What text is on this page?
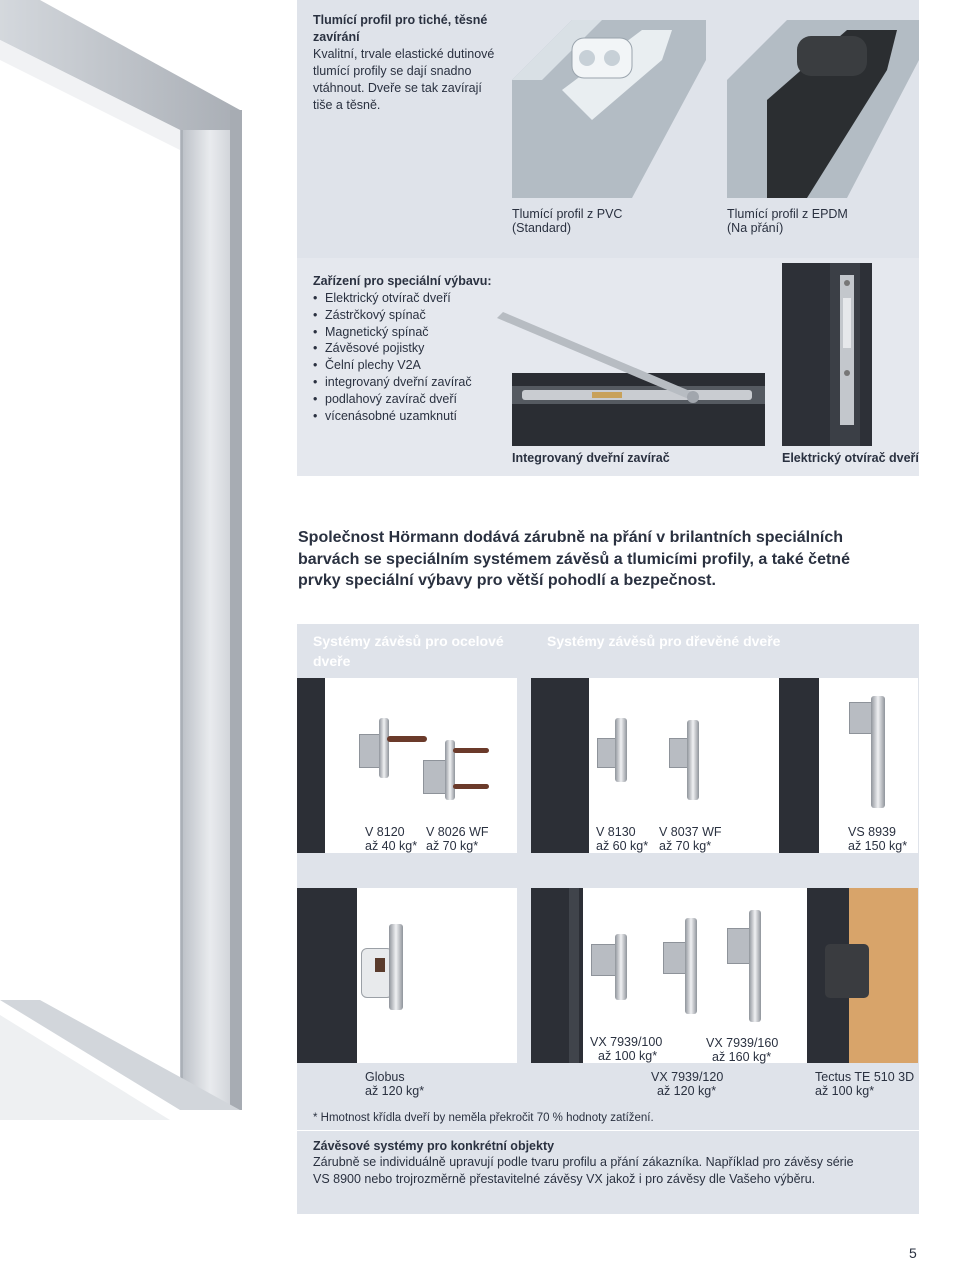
Tlumící profil pro tiché, těsné zavírání
Kvalitní, trvale elastické dutinové tlumící profily se dají snadno vtáhnout. Dveře se tak zavírají tiše a těsně.
Tlumící profil z PVC
(Standard)
Tlumící profil z EPDM
(Na přání)
Zařízení pro speciální výbavu:
• Elektrický otvírač dveří
• Zástrčkový spínač
• Magnetický spínač
• Závěsové pojistky
• Čelní plechy V2A
• integrovaný dveřní zavírač
• podlahový zavírač dveří
• vícenásobné uzamknutí
Integrovaný dveřní zavírač	Elektrický otvírač dveří
Společnost Hörmann dodává zárubně na přání v brilantních speciálních barvách se speciálním systémem závěsů a tlumicími profily, a také četné prvky speciální výbavy pro větší pohodlí a bezpečnost.
Systémy závěsů pro ocelové dveře
Systémy závěsů pro dřevěné dveře
V 8120
až 40 kg*
V 8026 WF
až 70 kg*
V 8130
až 60 kg*
V 8037 WF
až 70 kg*
VS 8939
až 150 kg*
Globus
až 120 kg*
VX 7939/100
až 100 kg*
VX 7939/120
až 120 kg*
VX 7939/160
až 160 kg*
Tectus TE 510 3D
až 100 kg*
* Hmotnost křídla dveří by neměla překročit 70 % hodnoty zatížení.
Závěsové systémy pro konkrétní objekty
Zárubně se individuálně upravují podle tvaru profilu a přání zákazníka. Například pro závěsy série VS 8900 nebo trojrozměrně přestavitelné závěsy VX jakož i pro závěsy dle Vašeho výběru.
5
